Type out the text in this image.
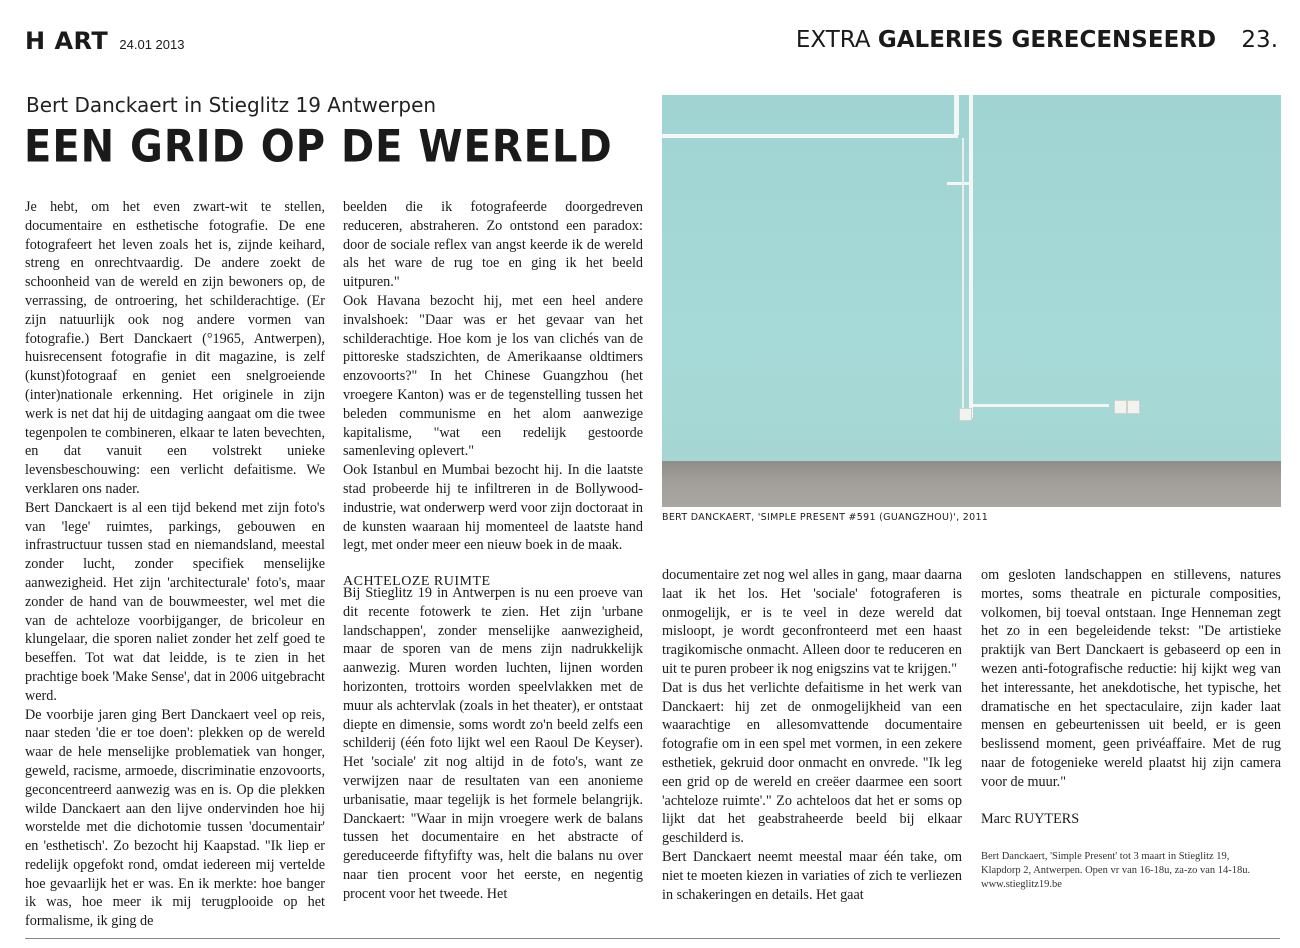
H ART 24.01 2013	EXTRA GALERIES GERECENSEERD 23.
Bert Danckaert in Stieglitz 19 Antwerpen
EEN GRID OP DE WERELD

Je hebt, om het even zwart-wit te stellen, documentaire en esthetische fotografie. De ene fotografeert het leven zoals het is, zijnde keihard, streng en onrechtvaardig. De andere zoekt de schoonheid van de wereld en zijn bewoners op, de verrassing, de ontroering, het schilderachtige. (Er zijn natuurlijk ook nog andere vormen van fotografie.) Bert Danckaert (°1965, Antwerpen), huisrecensent fotografie in dit magazine, is zelf (kunst)fotograaf en geniet een snelgroeiende (inter)nationale erkenning. Het originele in zijn werk is net dat hij de uitdaging aangaat om die twee tegenpolen te combineren, elkaar te laten bevechten, en dat vanuit een volstrekt unieke levensbeschouwing: een verlicht defaitisme. We verklaren ons nader.

Bert Danckaert is al een tijd bekend met zijn foto's van 'lege' ruimtes, parkings, gebouwen en infrastructuur tussen stad en niemandsland, meestal zonder lucht, zonder specifiek menselijke aanwezigheid. Het zijn 'architecturale' foto's, maar zonder de hand van de bouwmeester, wel met die van de achteloze voorbijganger, de bricoleur en klungelaar, die sporen naliet zonder het zelf goed te beseffen. Tot wat dat leidde, is te zien in het prachtige boek 'Make Sense', dat in 2006 uitgebracht werd.

De voorbije jaren ging Bert Danckaert veel op reis, naar steden 'die er toe doen': plekken op de wereld waar de hele menselijke problematiek van honger, geweld, racisme, armoede, discriminatie enzovoorts, geconcentreerd aanwezig was en is. Op die plekken wilde Danckaert aan den lijve ondervinden hoe hij worstelde met die dichotomie tussen 'documentair' en 'esthetisch'. Zo bezocht hij Kaapstad. "Ik liep er redelijk opgefokt rond, omdat iedereen mij vertelde hoe gevaarlijk het er was. En ik merkte: hoe banger ik was, hoe meer ik mij terugplooide op het formalisme, ik ging de

beelden die ik fotografeerde doorgedreven reduceren, abstraheren. Zo ontstond een paradox: door de sociale reflex van angst keerde ik de wereld als het ware de rug toe en ging ik het beeld uitpuren."

Ook Havana bezocht hij, met een heel andere invalshoek: "Daar was er het gevaar van het schilderachtige. Hoe kom je los van clichés van de pittoreske stadszichten, de Amerikaanse oldtimers enzovoorts?" In het Chinese Guangzhou (het vroegere Kanton) was er de tegenstelling tussen het beleden communisme en het alom aanwezige kapitalisme, "wat een redelijk gestoorde samenleving oplevert."

Ook Istanbul en Mumbai bezocht hij. In die laatste stad probeerde hij te infiltreren in de Bollywood-industrie, wat onderwerp werd voor zijn doctoraat in de kunsten waaraan hij momenteel de laatste hand legt, met onder meer een nieuw boek in de maak.

ACHTELOZE RUIMTE

Bij Stieglitz 19 in Antwerpen is nu een proeve van dit recente fotowerk te zien. Het zijn 'urbane landschappen', zonder menselijke aanwezigheid, maar de sporen van de mens zijn nadrukkelijk aanwezig. Muren worden luchten, lijnen worden horizonten, trottoirs worden speelvlakken met de muur als achtervlak (zoals in het theater), er ontstaat diepte en dimensie, soms wordt zo'n beeld zelfs een schilderij (één foto lijkt wel een Raoul De Keyser). Het 'sociale' zit nog altijd in de foto's, want ze verwijzen naar de resultaten van een anonieme urbanisatie, maar tegelijk is het formele belangrijk. Danckaert: "Waar in mijn vroegere werk de balans tussen het documentaire en het abstracte of gereduceerde fiftyfifty was, helt die balans nu over naar tien procent voor het eerste, en negentig procent voor het tweede. Het

BERT DANCKAERT, 'SIMPLE PRESENT #591 (GUANGZHOU)', 2011

documentaire zet nog wel alles in gang, maar daarna laat ik het los. Het 'sociale' fotograferen is onmogelijk, er is te veel in deze wereld dat misloopt, je wordt geconfronteerd met een haast tragikomische onmacht. Alleen door te reduceren en uit te puren probeer ik nog enigszins vat te krijgen."

Dat is dus het verlichte defaitisme in het werk van Danckaert: hij zet de onmogelijkheid van een waarachtige en allesomvattende documentaire fotografie om in een spel met vormen, in een zekere esthetiek, gekruid door onmacht en onvrede. "Ik leg een grid op de wereld en creëer daarmee een soort 'achteloze ruimte'." Zo achteloos dat het er soms op lijkt dat het geabstraheerde beeld bij elkaar geschilderd is.

Bert Danckaert neemt meestal maar één take, om niet te moeten kiezen in variaties of zich te verliezen in schakeringen en details. Het gaat

om gesloten landschappen en stillevens, natures mortes, soms theatrale en picturale composities, volkomen, bij toeval ontstaan. Inge Henneman zegt het zo in een begeleidende tekst: "De artistieke praktijk van Bert Danckaert is gebaseerd op een in wezen anti-fotografische reductie: hij kijkt weg van het interessante, het anekdotische, het typische, het dramatische en het spectaculaire, zijn kader laat mensen en gebeurtenissen uit beeld, er is geen beslissend moment, geen privéaffaire. Met de rug naar de fotogenieke wereld plaatst hij zijn camera voor de muur."

Marc RUYTERS

Bert Danckaert, 'Simple Present' tot 3 maart in Stieglitz 19,
Klapdorp 2, Antwerpen. Open vr van 16-18u, za-zo van 14-18u.
www.stieglitz19.be
